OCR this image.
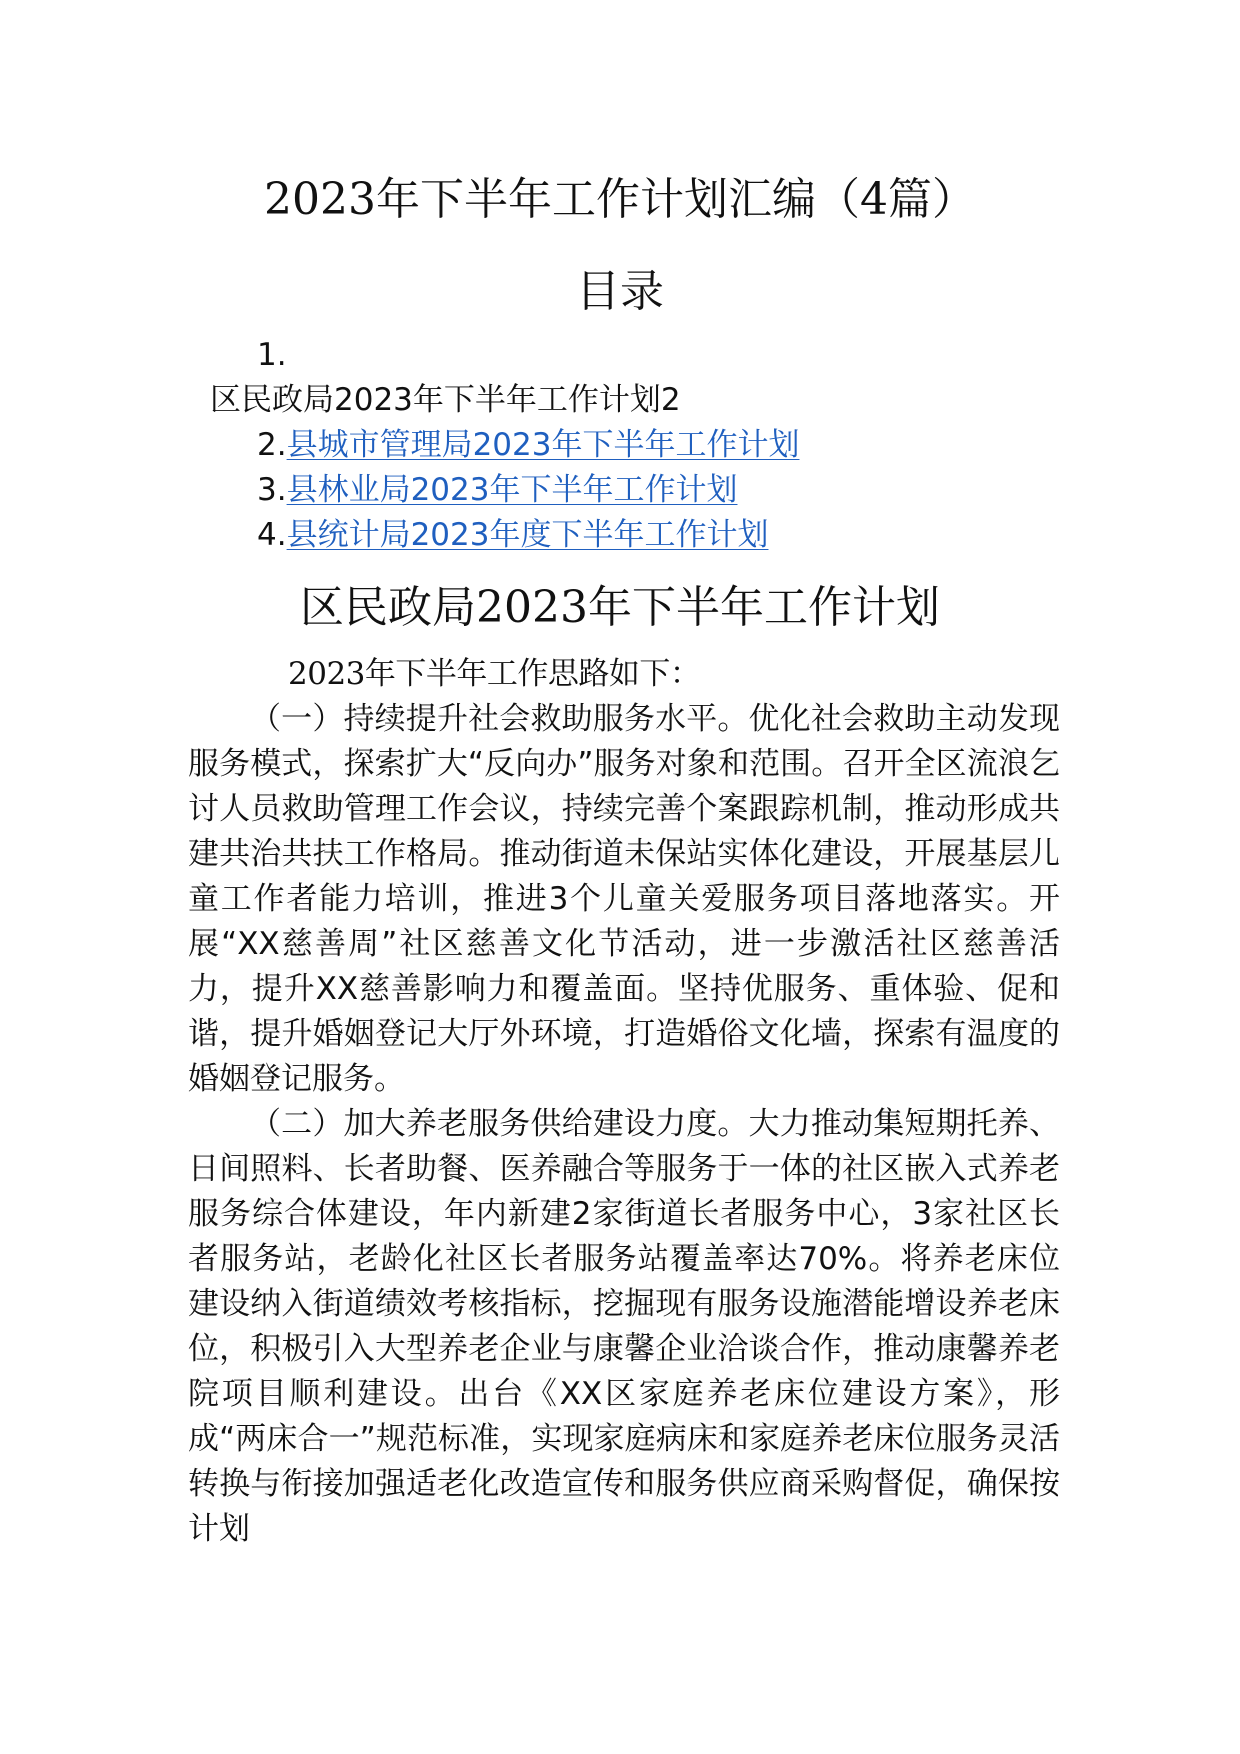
2023年下半年工作计划汇编（4篇）
目录
1.
区民政局2023年下半年工作计划2
2.县城市管理局2023年下半年工作计划
3.县林业局2023年下半年工作计划
4.县统计局2023年度下半年工作计划
区民政局2023年下半年工作计划

2023年下半年工作思路如下：

（一）持续提升社会救助服务水平。优化社会救助主动发现服务模式，探索扩大“反向办”服务对象和范围。召开全区流浪乞讨人员救助管理工作会议，持续完善个案跟踪机制，推动形成共建共治共扶工作格局。推动街道未保站实体化建设，开展基层儿童工作者能力培训，推进3个儿童关爱服务项目落地落实。开展“XX慈善周”社区慈善文化节活动，进一步激活社区慈善活力，提升XX慈善影响力和覆盖面。坚持优服务、重体验、促和谐，提升婚姻登记大厅外环境，打造婚俗文化墙，探索有温度的婚姻登记服务。

（二）加大养老服务供给建设力度。大力推动集短期托养、日间照料、长者助餐、医养融合等服务于一体的社区嵌入式养老服务综合体建设，年内新建2家街道长者服务中心，3家社区长者服务站，老龄化社区长者服务站覆盖率达70%。将养老床位建设纳入街道绩效考核指标，挖掘现有服务设施潜能增设养老床位，积极引入大型养老企业与康馨企业洽谈合作，推动康馨养老院项目顺利建设。出台《XX区家庭养老床位建设方案》，形成“两床合一”规范标准，实现家庭病床和家庭养老床位服务灵活转换与衔接加强适老化改造宣传和服务供应商采购督促，确保按计划
